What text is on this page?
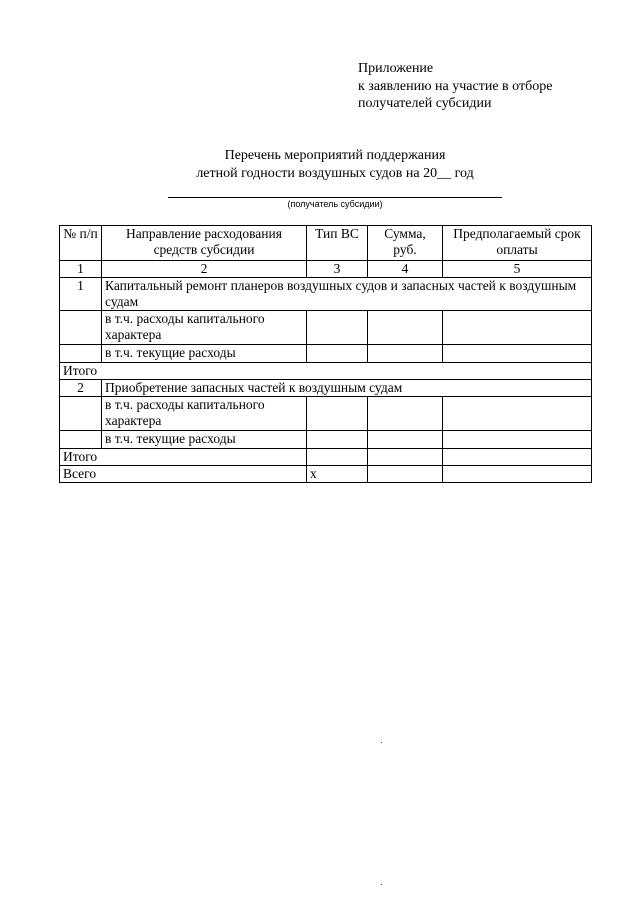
Приложение
к заявлению на участие в отборе
получателей субсидии
Перечень мероприятий поддержания
летной годности воздушных судов на 20__ год
(получатель субсидии)
№ п/п	Направление расходования средств субсидии	Тип ВС	Сумма, руб.	Предполагаемый срок оплаты
1	2	3	4	5
1	Капитальный ремонт планеров воздушных судов и запасных частей к воздушным судам			
	в т.ч. расходы капитального характера			
	в т.ч. текущие расходы			
Итого				
2	Приобретение запасных частей к воздушным судам			
	в т.ч. расходы капитального характера			
	в т.ч. текущие расходы			
Итого				
Всего		х		
